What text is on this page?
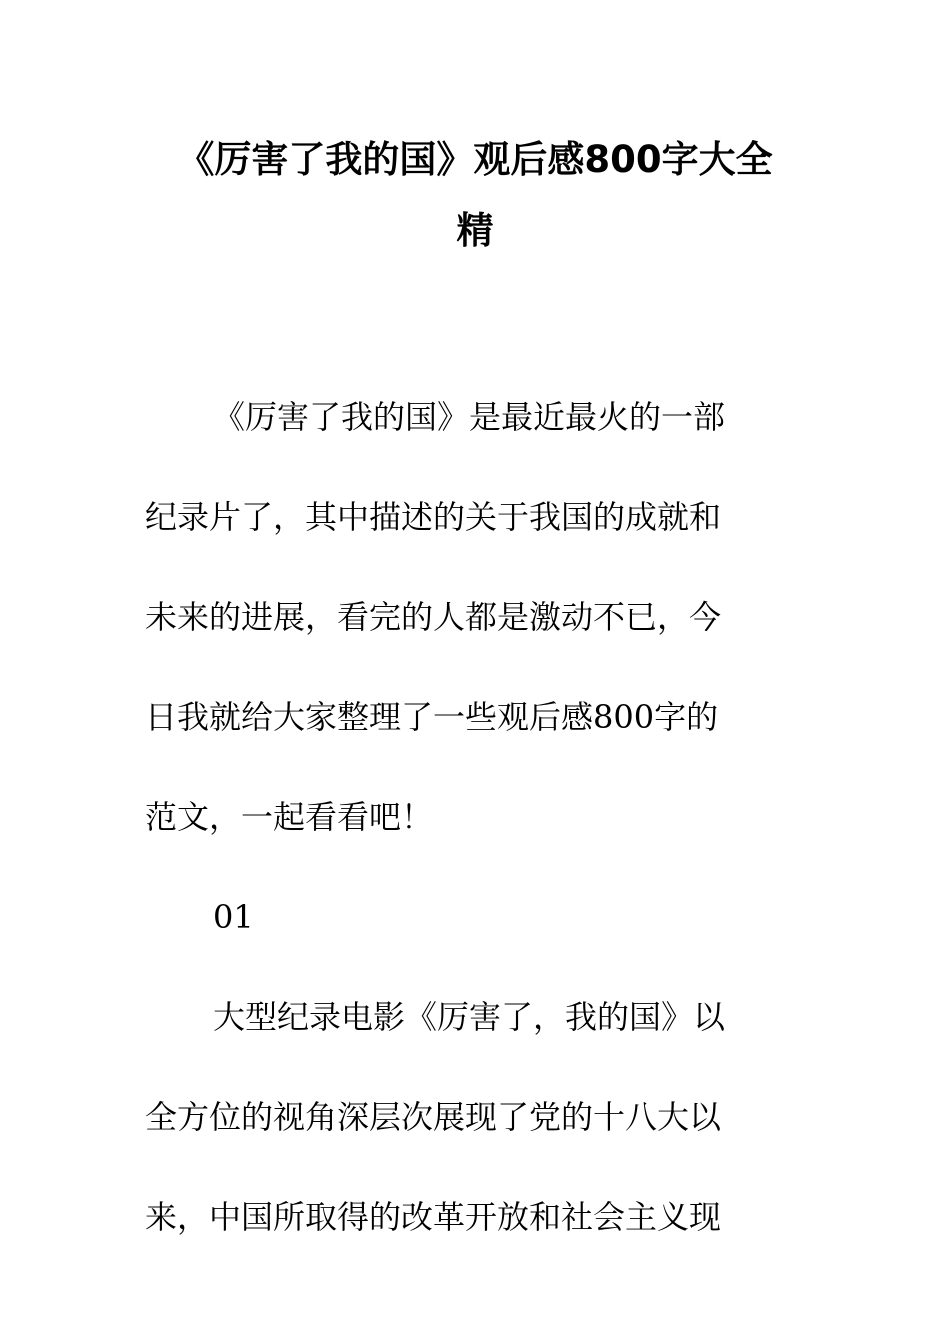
《厉害了我的国》观后感800字大全
精
《厉害了我的国》是最近最火的一部
纪录片了，其中描述的关于我国的成就和
未来的进展，看完的人都是激动不已，今
日我就给大家整理了一些观后感800字的
范文，一起看看吧！
01
大型纪录电影《厉害了，我的国》以
全方位的视角深层次展现了党的十八大以
来，中国所取得的改革开放和社会主义现
